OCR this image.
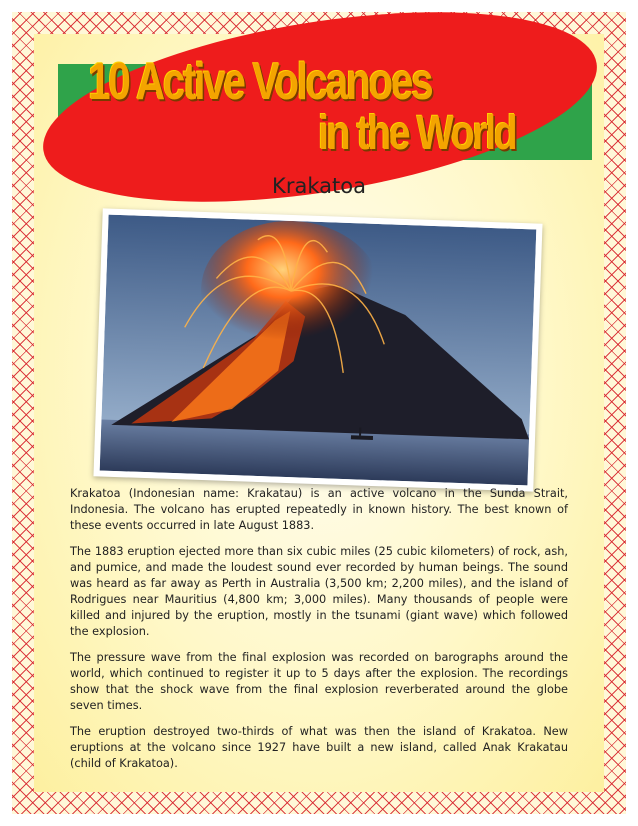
10 Active Volcanoes
in the World
Krakatoa

Krakatoa (Indonesian name: Krakatau) is an active volcano in the Sunda Strait, Indonesia. The volcano has erupted repeatedly in known history. The best known of these events occurred in late August 1883.

The 1883 eruption ejected more than six cubic miles (25 cubic kilometers) of rock, ash, and pumice, and made the loudest sound ever recorded by human beings. The sound was heard as far away as Perth in Australia (3,500 km; 2,200 miles), and the island of Rodrigues near Mauritius (4,800 km; 3,000 miles). Many thousands of people were killed and injured by the eruption, mostly in the tsunami (giant wave) which followed the explosion.

The pressure wave from the final explosion was recorded on barographs around the world, which continued to register it up to 5 days after the explosion. The recordings show that the shock wave from the final explosion reverberated around the globe seven times.

The eruption destroyed two-thirds of what was then the island of Krakatoa. New eruptions at the volcano since 1927 have built a new island, called Anak Krakatau (child of Krakatoa).
